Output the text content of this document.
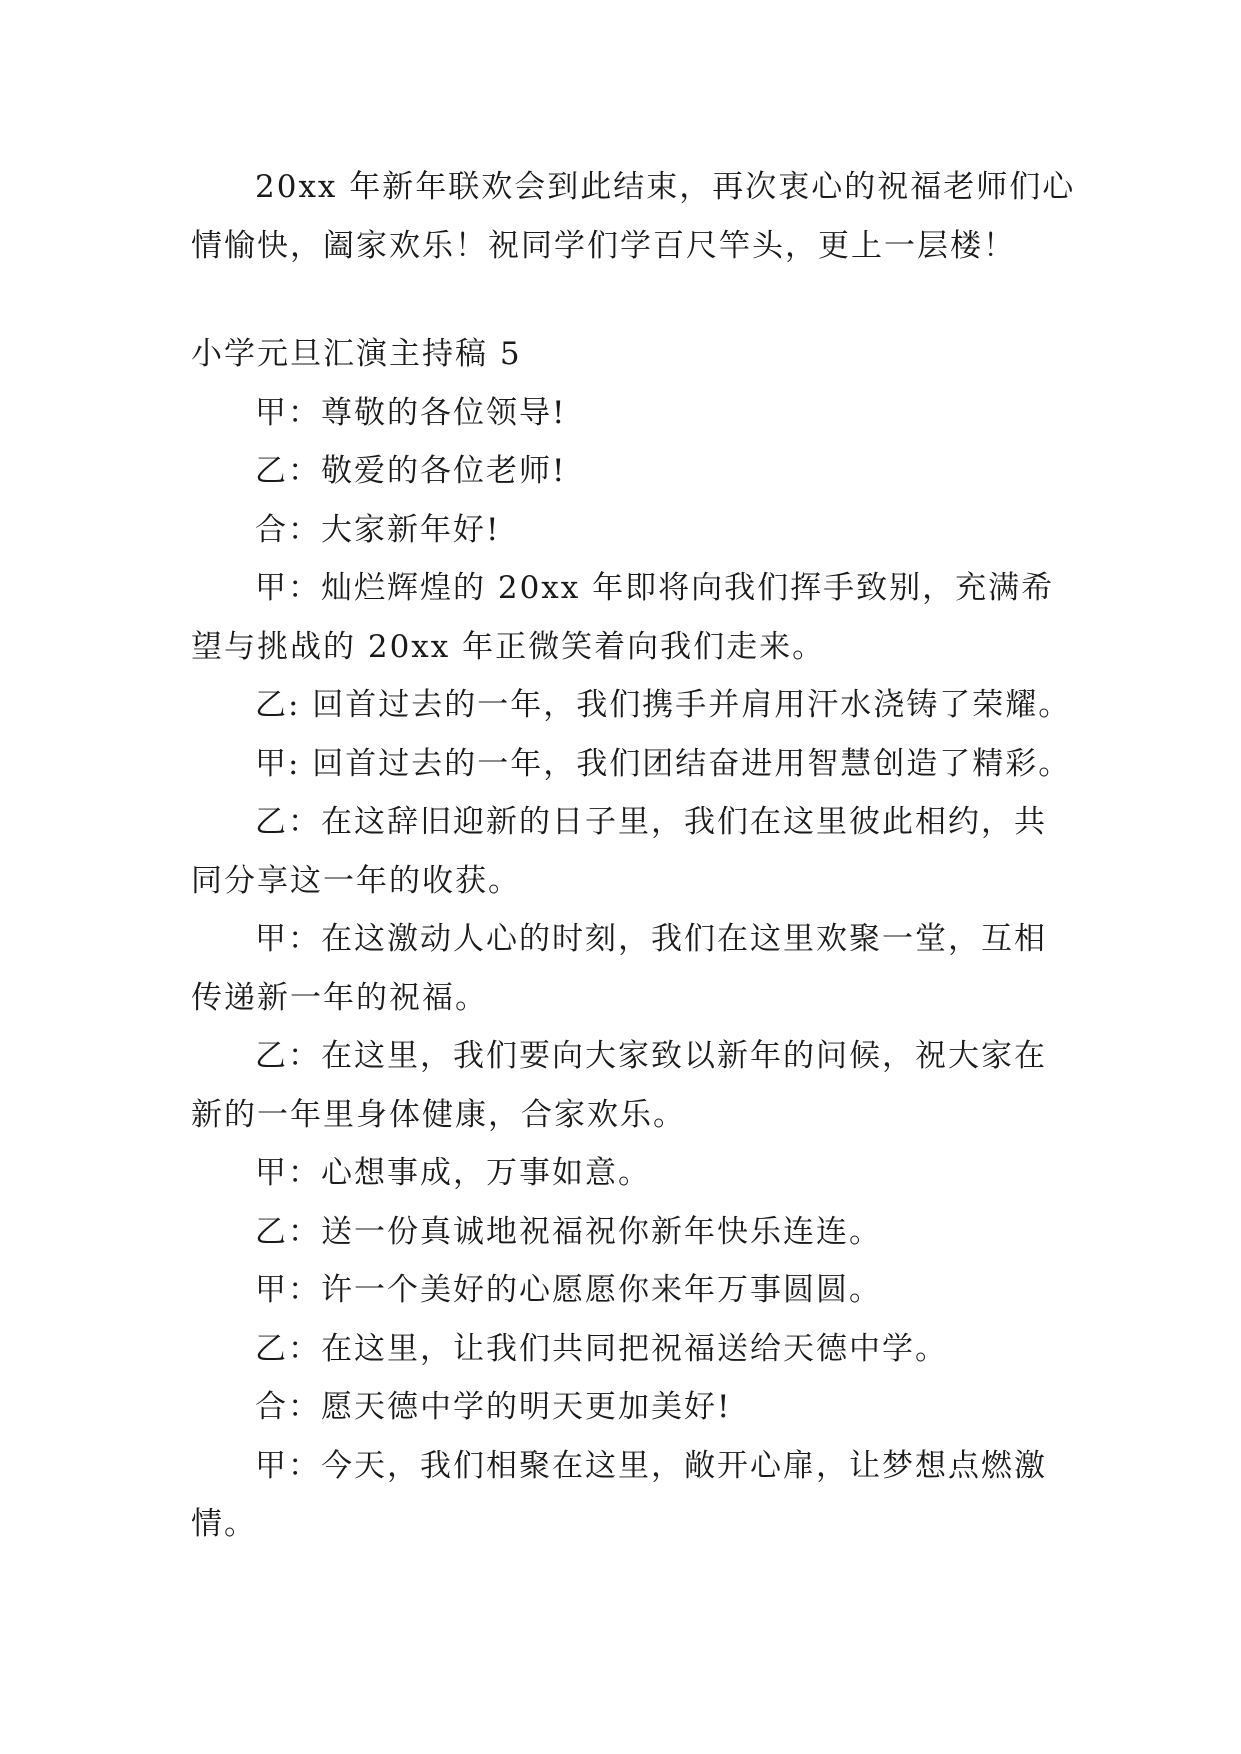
20xx 年新年联欢会到此结束，再次衷心的祝福老师们心
情愉快，阖家欢乐！祝同学们学百尺竿头，更上一层楼！
小学元旦汇演主持稿 5
甲：尊敬的各位领导!
乙：敬爱的各位老师!
合：大家新年好!
甲：灿烂辉煌的 20xx 年即将向我们挥手致别，充满希
望与挑战的 20xx 年正微笑着向我们走来。
乙: 回首过去的一年，我们携手并肩用汗水浇铸了荣耀。
甲: 回首过去的一年，我们团结奋进用智慧创造了精彩。
乙：在这辞旧迎新的日子里，我们在这里彼此相约，共
同分享这一年的收获。
甲：在这激动人心的时刻，我们在这里欢聚一堂，互相
传递新一年的祝福。
乙：在这里，我们要向大家致以新年的问候，祝大家在
新的一年里身体健康，合家欢乐。
甲：心想事成，万事如意。
乙：送一份真诚地祝福祝你新年快乐连连。
甲：许一个美好的心愿愿你来年万事圆圆。
乙：在这里，让我们共同把祝福送给天德中学。
合：愿天德中学的明天更加美好!
甲：今天，我们相聚在这里，敞开心扉，让梦想点燃激
情。
